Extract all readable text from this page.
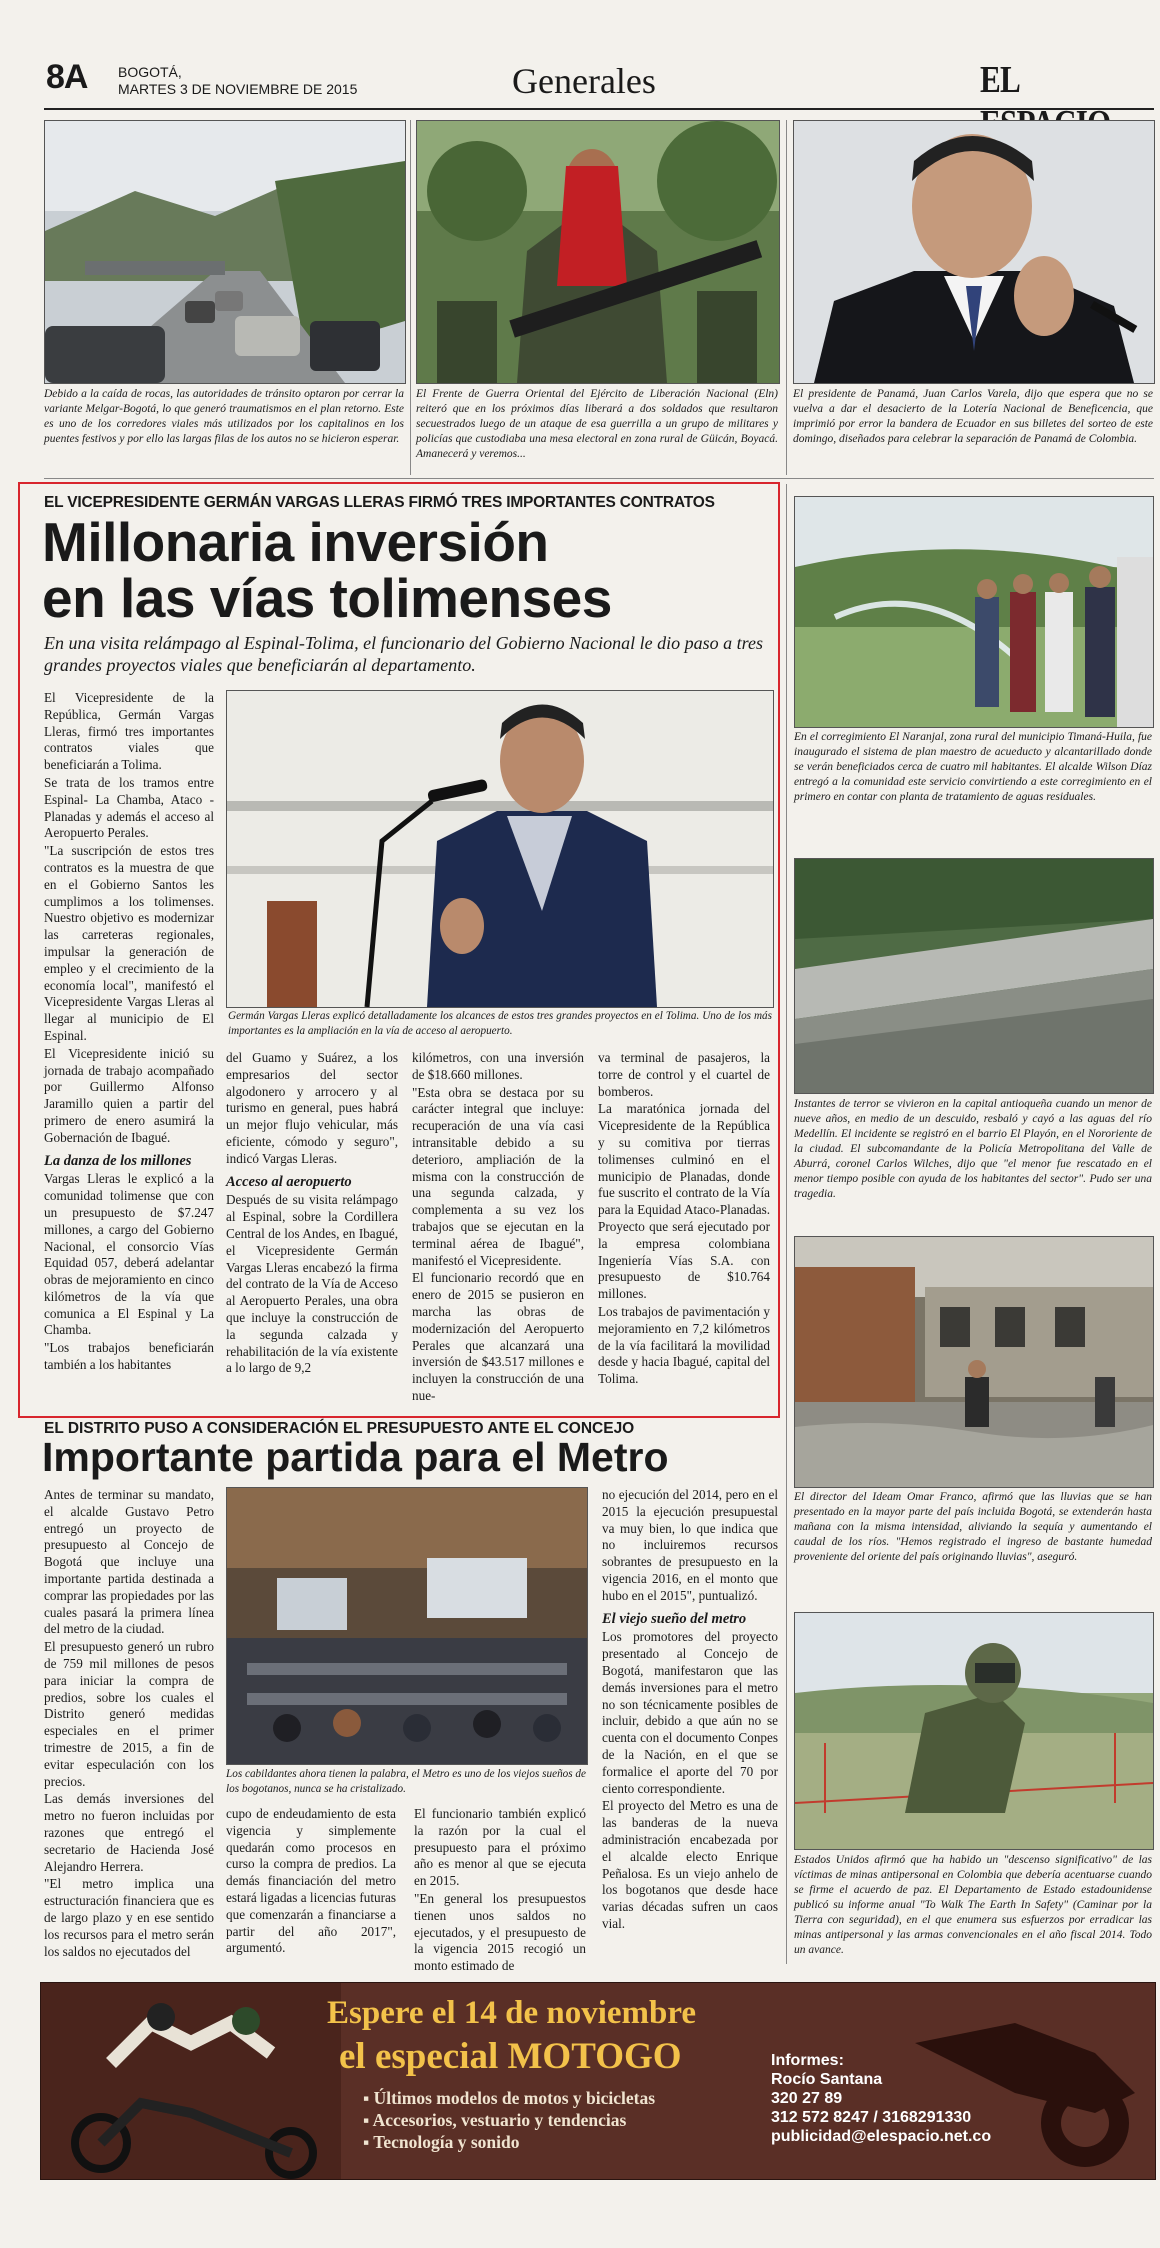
8A BOGOTÁ,
MARTES 3 DE NOVIEMBRE DE 2015	Generales	EL
Debido a la caída de rocas, las autoridades de tránsito optaron por cerrar la variante Melgar-Bogotá, lo que generó traumatismos en el plan retorno. Este es uno de los corredores viales más utilizados por los capitalinos en los puentes festivos y por ello las largas filas de los autos no se hicieron esperar.
El Frente de Guerra Oriental del Ejército de Liberación Nacional (Eln) reiteró que en los próximos días liberará a dos soldados que resultaron secuestrados luego de un ataque de esa guerrilla a un grupo de militares y policías que custodiaba una mesa electoral en zona rural de Güicán, Boyacá. Amanecerá y veremos...
El presidente de Panamá, Juan Carlos Varela, dijo que espera que no se vuelva a dar el desacierto de la Lotería Nacional de Beneficencia, que imprimió por error la bandera de Ecuador en sus billetes del sorteo de este domingo, diseñados para celebrar la separación de Panamá de Colombia.
EL VICEPRESIDENTE GERMÁN VARGAS LLERAS FIRMÓ TRES IMPORTANTES CONTRATOS
Millonaria inversión
en las vías tolimenses
En una visita relámpago al Espinal-Tolima, el funcionario del Gobierno Nacional le dio paso a tres grandes proyectos viales que beneficiarán al departamento.

El Vicepresidente de la República, Germán Vargas Lleras, firmó tres importantes contratos viales que beneficiarán a Tolima.

Se trata de los tramos entre Espinal- La Chamba, Ataco -Planadas y además el acceso al Aeropuerto Perales.

"La suscripción de estos tres contratos es la muestra de que en el Gobierno Santos les cumplimos a los tolimenses. Nuestro objetivo es modernizar las carreteras regionales, impulsar la generación de empleo y el crecimiento de la economía local", manifestó el Vicepresidente Vargas Lleras al llegar al municipio de El Espinal.

El Vicepresidente inició su jornada de trabajo acompañado por Guillermo Alfonso Jaramillo quien a partir del primero de enero asumirá la Gobernación de Ibagué.

La danza de los millones

Vargas Lleras le explicó a la comunidad tolimense que con un presupuesto de $7.247 millones, a cargo del Gobierno Nacional, el consorcio Vías Equidad 057, deberá adelantar obras de mejoramiento en cinco kilómetros de la vía que comunica a El Espinal y La Chamba.

"Los trabajos beneficiarán también a los habitantes

Germán Vargas Lleras explicó detalladamente los alcances de estos tres grandes proyectos en el Tolima. Uno de los más importantes es la ampliación en la vía de acceso al aeropuerto.

del Guamo y Suárez, a los empresarios del sector algodonero y arrocero y al turismo en general, pues habrá un mejor flujo vehicular, más eficiente, cómodo y seguro", indicó Vargas Lleras.

Acceso al aeropuerto

Después de su visita relámpago al Espinal, sobre la Cordillera Central de los Andes, en Ibagué, el Vicepresidente Germán Vargas Lleras encabezó la firma del contrato de la Vía de Acceso al Aeropuerto Perales, una obra que incluye la construcción de la segunda calzada y rehabilitación de la vía existente a lo largo de 9,2

kilómetros, con una inversión de $18.660 millones.

"Esta obra se destaca por su carácter integral que incluye: recuperación de una vía casi intransitable debido a su deterioro, ampliación de la misma con la construcción de una segunda calzada, y complementa a su vez los trabajos que se ejecutan en la terminal aérea de Ibagué", manifestó el Vicepresidente.

El funcionario recordó que en enero de 2015 se pusieron en marcha las obras de modernización del Aeropuerto Perales que alcanzará una inversión de $43.517 millones e incluyen la construcción de una nue-

va terminal de pasajeros, la torre de control y el cuartel de bomberos.

La maratónica jornada del Vicepresidente de la República y su comitiva por tierras tolimenses culminó en el municipio de Planadas, donde fue suscrito el contrato de la Vía para la Equidad Ataco-Planadas. Proyecto que será ejecutado por la empresa colombiana Ingeniería Vías S.A. con presupuesto de $10.764 millones.

Los trabajos de pavimentación y mejoramiento en 7,2 kilómetros de la vía facilitará la movilidad desde y hacia Ibagué, capital del Tolima.

En el corregimiento El Naranjal, zona rural del municipio Timaná-Huila, fue inaugurado el sistema de plan maestro de acueducto y alcantarillado donde se verán beneficiados cerca de cuatro mil habitantes. El alcalde Wilson Díaz entregó a la comunidad este servicio convirtiendo a este corregimiento en el primero en contar con planta de tratamiento de aguas residuales.
Instantes de terror se vivieron en la capital antioqueña cuando un menor de nueve años, en medio de un descuido, resbaló y cayó a las aguas del río Medellín. El incidente se registró en el barrio El Playón, en el Nororiente de la ciudad. El subcomandante de la Policía Metropolitana del Valle de Aburrá, coronel Carlos Wilches, dijo que "el menor fue rescatado en el menor tiempo posible con ayuda de los habitantes del sector". Pudo ser una tragedia.
El director del Ideam Omar Franco, afirmó que las lluvias que se han presentado en la mayor parte del país incluida Bogotá, se extenderán hasta mañana con la misma intensidad, aliviando la sequía y aumentando el caudal de los ríos. "Hemos registrado el ingreso de bastante humedad proveniente del oriente del país originando lluvias", aseguró.
Estados Unidos afirmó que ha habido un "descenso significativo" de las víctimas de minas antipersonal en Colombia que debería acentuarse cuando se firme el acuerdo de paz. El Departamento de Estado estadounidense publicó su informe anual "To Walk The Earth In Safety" (Caminar por la Tierra con seguridad), en el que enumera sus esfuerzos por erradicar las minas antipersonal y las armas convencionales en el año fiscal 2014. Todo un avance.
EL DISTRITO PUSO A CONSIDERACIÓN EL PRESUPUESTO ANTE EL CONCEJO
Importante partida para el Metro

Antes de terminar su mandato, el alcalde Gustavo Petro entregó un proyecto de presupuesto al Concejo de Bogotá que incluye una importante partida destinada a comprar las propiedades por las cuales pasará la primera línea del metro de la ciudad.

El presupuesto generó un rubro de 759 mil millones de pesos para iniciar la compra de predios, sobre los cuales el Distrito generó medidas especiales en el primer trimestre de 2015, a fin de evitar especulación con los precios.

Las demás inversiones del metro no fueron incluidas por razones que entregó el secretario de Hacienda José Alejandro Herrera.

"El metro implica una estructuración financiera que es de largo plazo y en ese sentido los recursos para el metro serán los saldos no ejecutados del

Los cabildantes ahora tienen la palabra, el Metro es uno de los viejos sueños de los bogotanos, nunca se ha cristalizado.

cupo de endeudamiento de esta vigencia y simplemente quedarán como procesos en curso la compra de predios. La demás financiación del metro estará ligadas a licencias futuras que comenzarán a financiarse a partir del año 2017", argumentó.

El funcionario también explicó la razón por la cual el presupuesto para el próximo año es menor al que se ejecuta en 2015.

"En general los presupuestos tienen unos saldos no ejecutados, y el presupuesto de la vigencia 2015 recogió un monto estimado de

no ejecución del 2014, pero en el 2015 la ejecución presupuestal va muy bien, lo que indica que no incluiremos recursos sobrantes de presupuesto en la vigencia 2016, en el monto que hubo en el 2015", puntualizó.

El viejo sueño del metro

Los promotores del proyecto presentado al Concejo de Bogotá, manifestaron que las demás inversiones para el metro no son técnicamente posibles de incluir, debido a que aún no se cuenta con el documento Conpes de la Nación, en el que se formalice el aporte del 70 por ciento correspondiente.

El proyecto del Metro es una de las banderas de la nueva administración encabezada por el alcalde electo Enrique Peñalosa. Es un viejo anhelo de los bogotanos que desde hace varias décadas sufren un caos vial.

Espere el 14 de noviembre
el especial MOTOGO
▪ Últimos modelos de motos y bicicletas
▪ Accesorios, vestuario y tendencias
▪ Tecnología y sonido
Informes:
Rocío Santana
320 27 89
312 572 8247 / 3168291330
publicidad@elespacio.net.co
